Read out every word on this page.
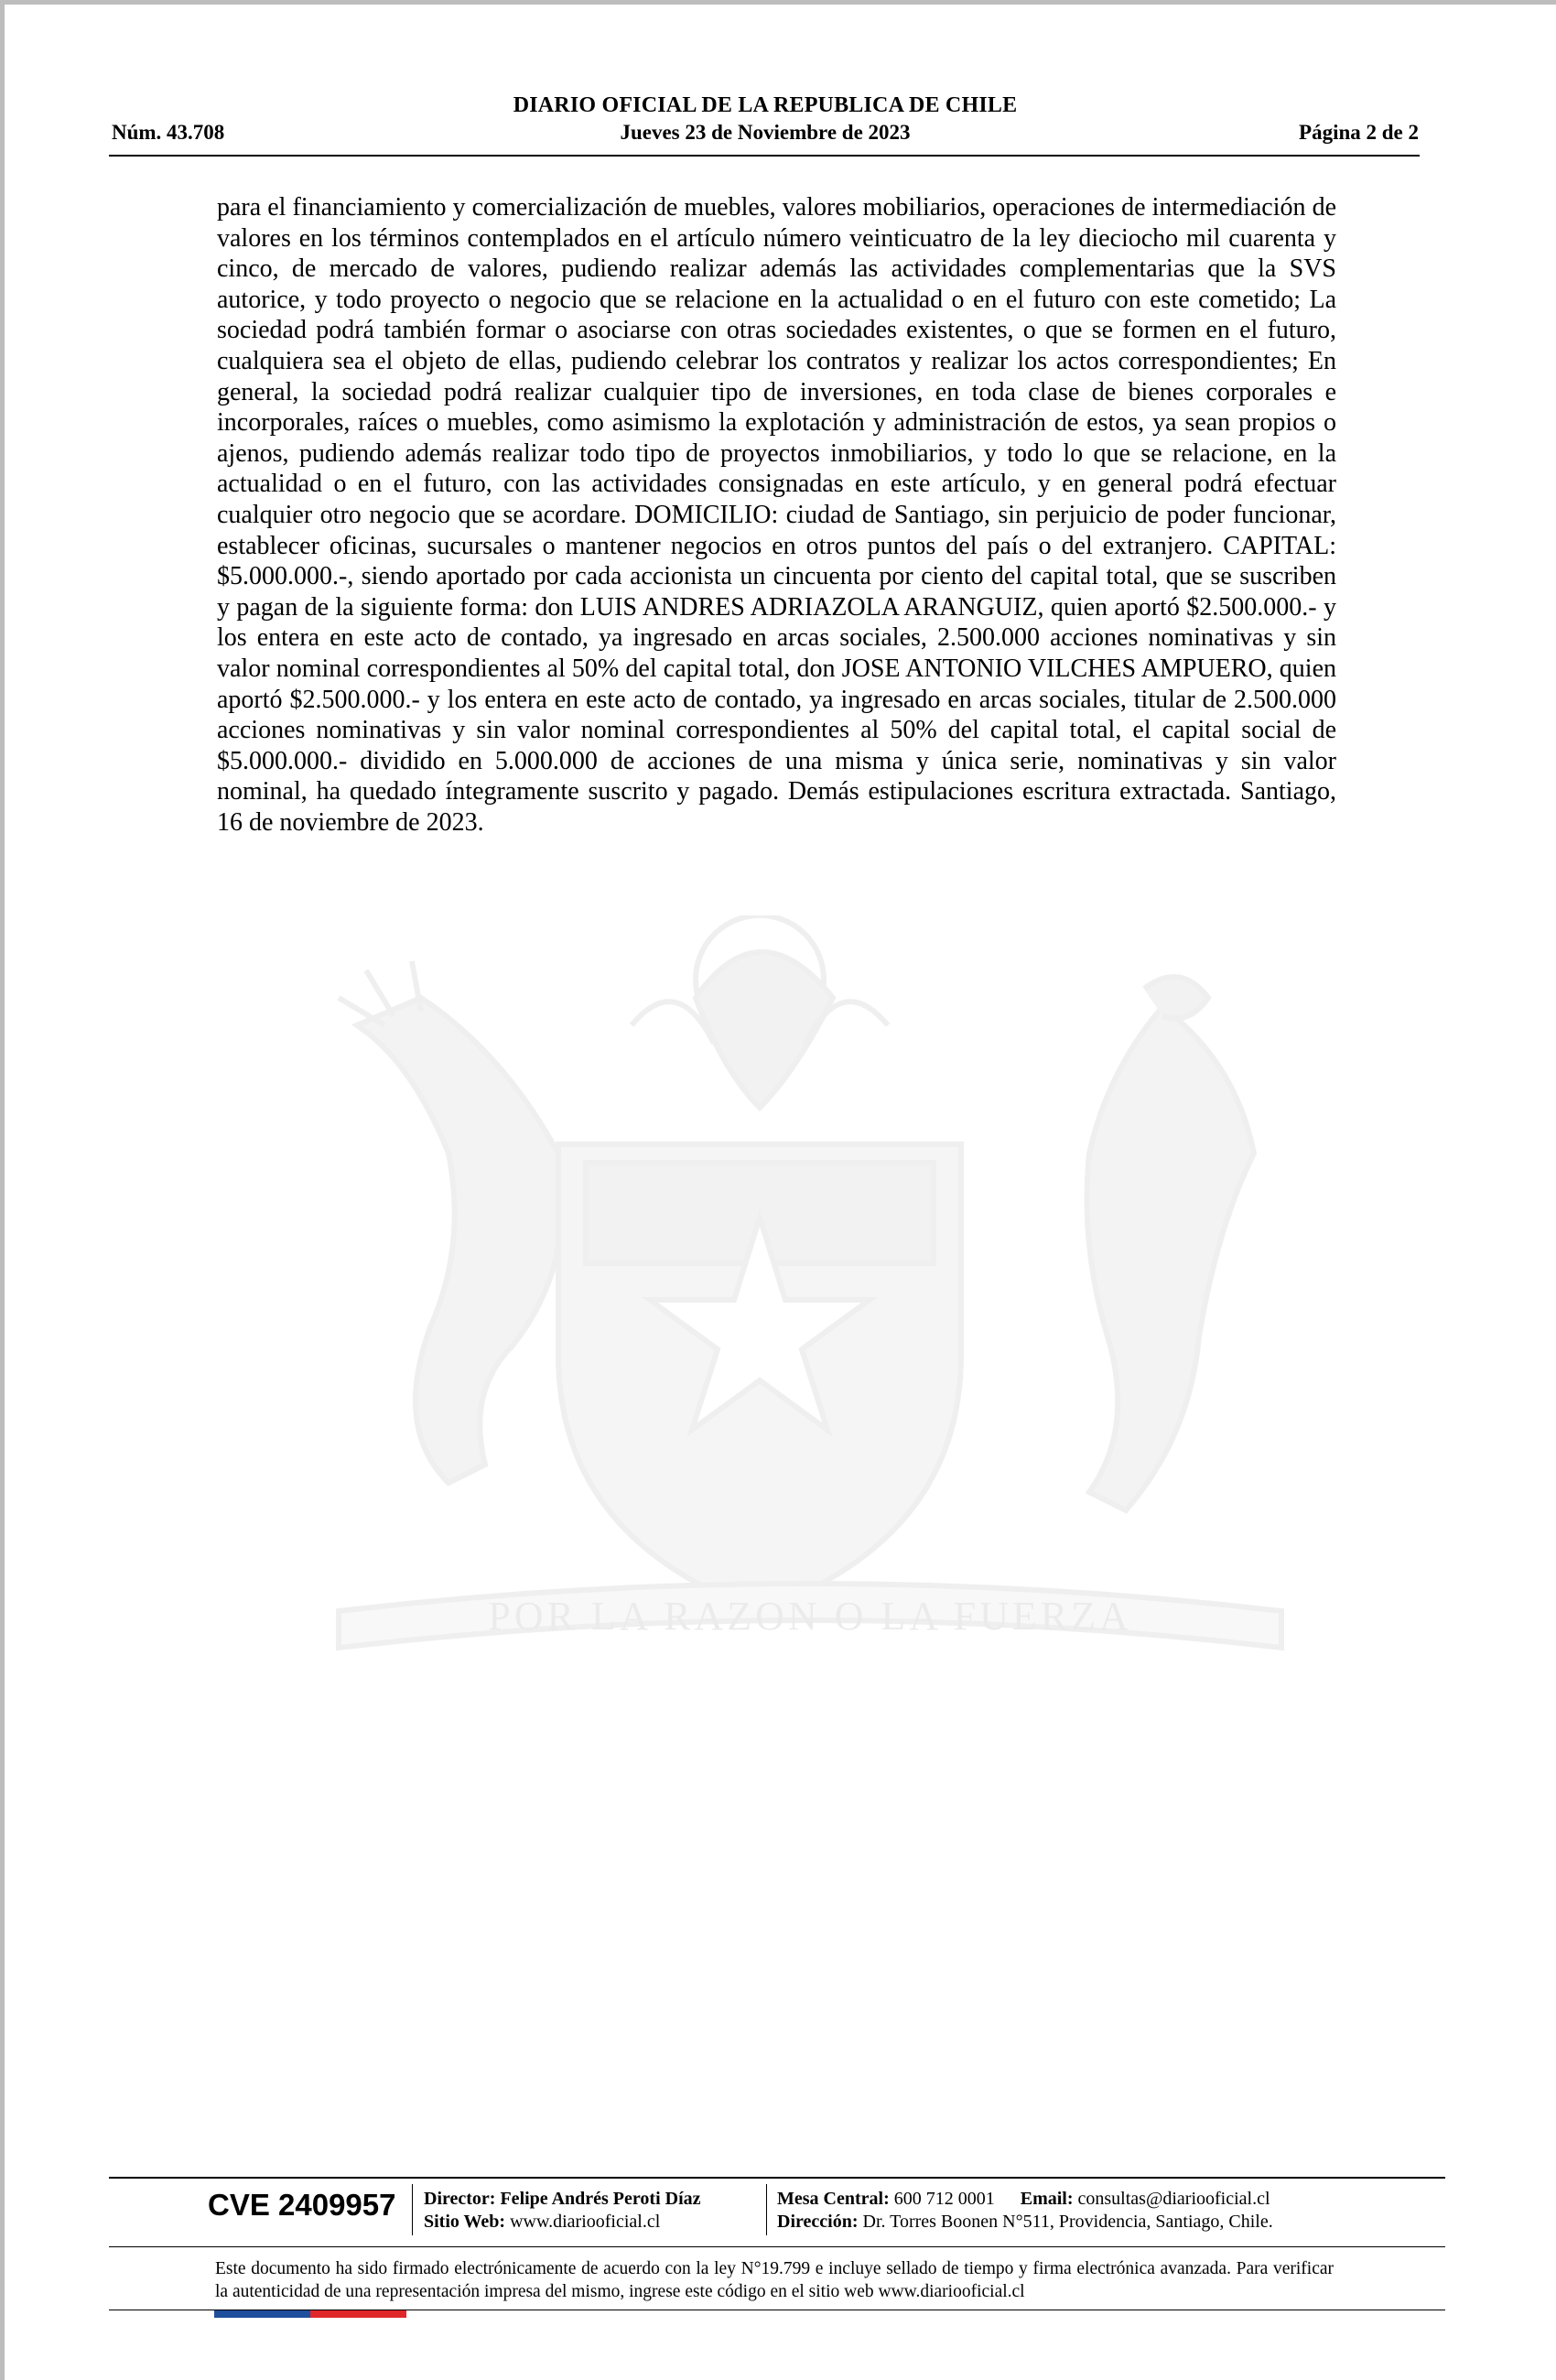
DIARIO OFICIAL DE LA REPUBLICA DE CHILE
Núm. 43.708	Jueves 23 de Noviembre de 2023	Página 2 de 2
POR LA RAZON O LA FUERZA
para el financiamiento y comercialización de muebles, valores mobiliarios, operaciones de intermediación de valores en los términos contemplados en el artículo número veinticuatro de la ley dieciocho mil cuarenta y cinco, de mercado de valores, pudiendo realizar además las actividades complementarias que la SVS autorice, y todo proyecto o negocio que se relacione en la actualidad o en el futuro con este cometido; La sociedad podrá también formar o asociarse con otras sociedades existentes, o que se formen en el futuro, cualquiera sea el objeto de ellas, pudiendo celebrar los contratos y realizar los actos correspondientes; En general, la sociedad podrá realizar cualquier tipo de inversiones, en toda clase de bienes corporales e incorporales, raíces o muebles, como asimismo la explotación y administración de estos, ya sean propios o ajenos, pudiendo además realizar todo tipo de proyectos inmobiliarios, y todo lo que se relacione, en la actualidad o en el futuro, con las actividades consignadas en este artículo, y en general podrá efectuar cualquier otro negocio que se acordare. DOMICILIO: ciudad de Santiago, sin perjuicio de poder funcionar, establecer oficinas, sucursales o mantener negocios en otros puntos del país o del extranjero. CAPITAL: $5.000.000.-, siendo aportado por cada accionista un cincuenta por ciento del capital total, que se suscriben y pagan de la siguiente forma: don LUIS ANDRES ADRIAZOLA ARANGUIZ, quien aportó $2.500.000.- y los entera en este acto de contado, ya ingresado en arcas sociales, 2.500.000 acciones nominativas y sin valor nominal correspondientes al 50% del capital total, don JOSE ANTONIO VILCHES AMPUERO, quien aportó $2.500.000.- y los entera en este acto de contado, ya ingresado en arcas sociales, titular de 2.500.000 acciones nominativas y sin valor nominal correspondientes al 50% del capital total, el capital social de $5.000.000.- dividido en 5.000.000 de acciones de una misma y única serie, nominativas y sin valor nominal, ha quedado íntegramente suscrito y pagado. Demás estipulaciones escritura extractada. Santiago, 16 de noviembre de 2023.
CVE 2409957 Director: Felipe Andrés Peroti Díaz
Sitio Web: www.diariooficial.cl
Mesa Central: 600 712 0001 Email: consultas@diariooficial.cl
Dirección: Dr. Torres Boonen N°511, Providencia, Santiago, Chile.
Este documento ha sido firmado electrónicamente de acuerdo con la ley N°19.799 e incluye sellado de tiempo y firma electrónica avanzada. Para verificar la autenticidad de una representación impresa del mismo, ingrese este código en el sitio web www.diariooficial.cl
